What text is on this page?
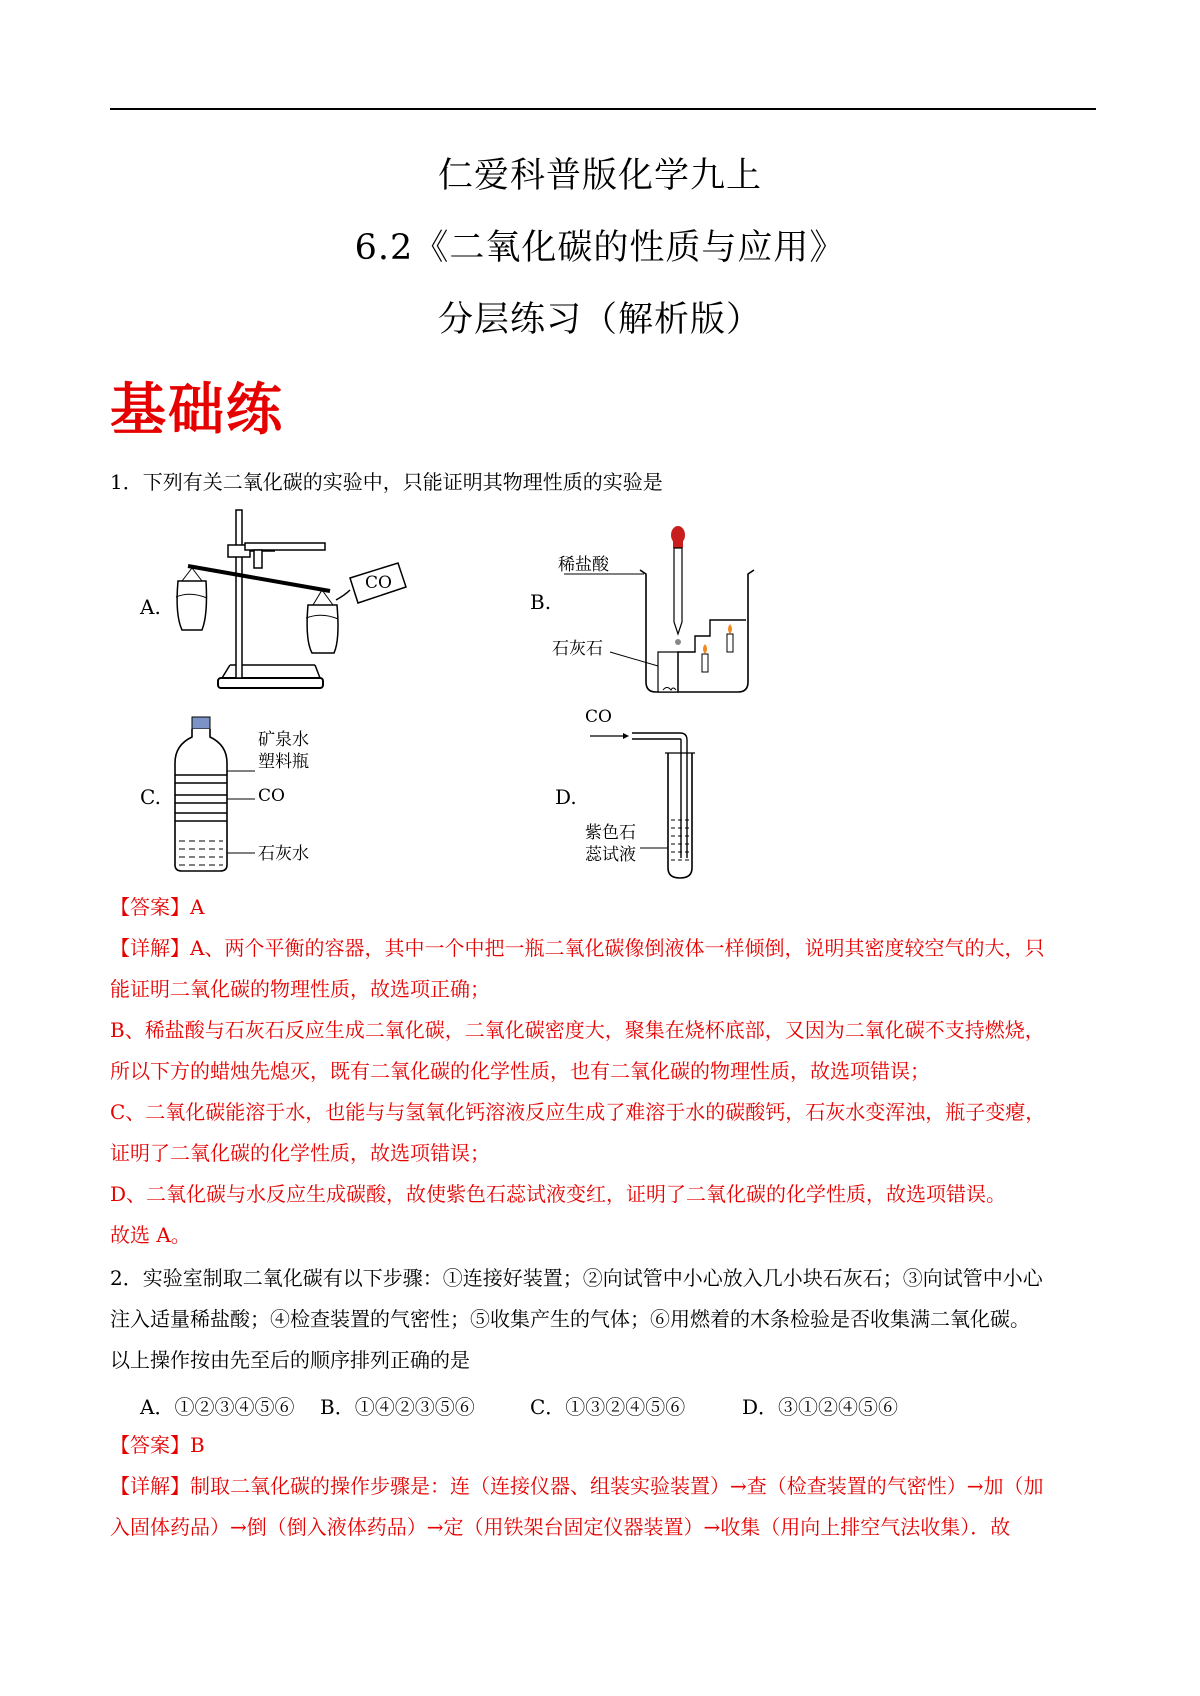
仁爱科普版化学九上
6.2《二氧化碳的性质与应用》
分层练习（解析版）
基础练
1．下列有关二氧化碳的实验中，只能证明其物理性质的实验是
A.	B.
C.	D.
CO
稀盐酸
石灰石
矿泉水
塑料瓶
CO
石灰水
CO
紫色石
蕊试液
【答案】A
【详解】A、两个平衡的容器，其中一个中把一瓶二氧化碳像倒液体一样倾倒，说明其密度较空气的大，只
能证明二氧化碳的物理性质，故选项正确；
B、稀盐酸与石灰石反应生成二氧化碳，二氧化碳密度大，聚集在烧杯底部，又因为二氧化碳不支持燃烧，
所以下方的蜡烛先熄灭，既有二氧化碳的化学性质，也有二氧化碳的物理性质，故选项错误；
C、二氧化碳能溶于水，也能与与氢氧化钙溶液反应生成了难溶于水的碳酸钙，石灰水变浑浊，瓶子变瘪，
证明了二氧化碳的化学性质，故选项错误；
D、二氧化碳与水反应生成碳酸，故使紫色石蕊试液变红，证明了二氧化碳的化学性质，故选项错误。
故选 A。
2．实验室制取二氧化碳有以下步骤：①连接好装置；②向试管中小心放入几小块石灰石；③向试管中小心
注入适量稀盐酸；④检查装置的气密性；⑤收集产生的气体；⑥用燃着的木条检验是否收集满二氧化碳。
以上操作按由先至后的顺序排列正确的是
A．①②③④⑤⑥ B．①④②③⑤⑥	C．①③②④⑤⑥	D．③①②④⑤⑥
【答案】B
【详解】制取二氧化碳的操作步骤是：连（连接仪器、组装实验装置）→查（检查装置的气密性）→加（加
入固体药品）→倒（倒入液体药品）→定（用铁架台固定仪器装置）→收集（用向上排空气法收集）．故
